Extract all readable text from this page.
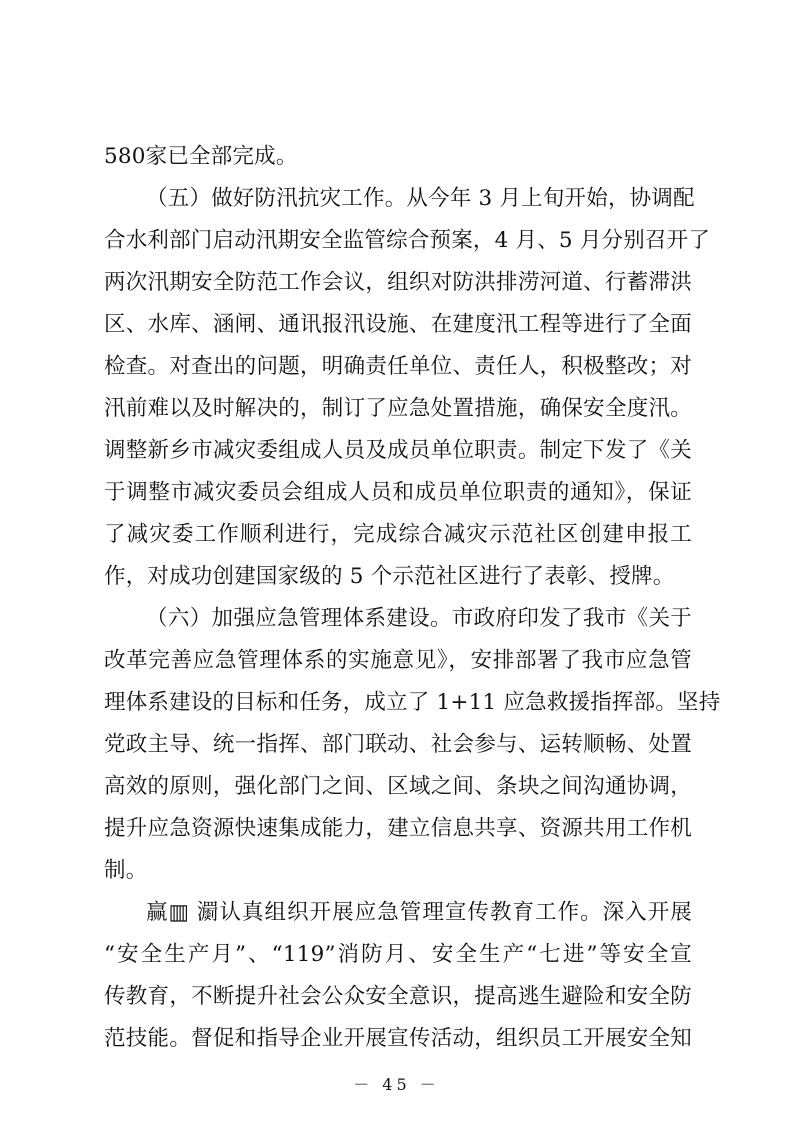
580家已全部完成。
（五）做好防汛抗灾工作。从今年 3 月上旬开始，协调配
合水利部门启动汛期安全监管综合预案，4 月、5 月分别召开了
两次汛期安全防范工作会议，组织对防洪排涝河道、行蓄滞洪
区、水库、涵闸、通讯报汛设施、在建度汛工程等进行了全面
检查。对查出的问题，明确责任单位、责任人，积极整改；对
汛前难以及时解决的，制订了应急处置措施，确保安全度汛。
调整新乡市减灾委组成人员及成员单位职责。制定下发了《关
于调整市减灾委员会组成人员和成员单位职责的通知》，保证
了减灾委工作顺利进行，完成综合减灾示范社区创建申报工
作，对成功创建国家级的 5 个示范社区进行了表彰、授牌。
（六）加强应急管理体系建设。市政府印发了我市《关于
改革完善应急管理体系的实施意见》，安排部署了我市应急管
理体系建设的目标和任务，成立了 1+11 应急救援指挥部。坚持
党政主导、统一指挥、部门联动、社会参与、运转顺畅、处置
高效的原则，强化部门之间、区域之间、条块之间沟通协调，
提升应急资源快速集成能力，建立信息共享、资源共用工作机
制。
赢▥ 瀱认真组织开展应急管理宣传教育工作。深入开展
“安全生产月”、“119”消防月、安全生产“七进”等安全宣
传教育，不断提升社会公众安全意识，提高逃生避险和安全防
范技能。督促和指导企业开展宣传活动，组织员工开展安全知
－ 45 －
